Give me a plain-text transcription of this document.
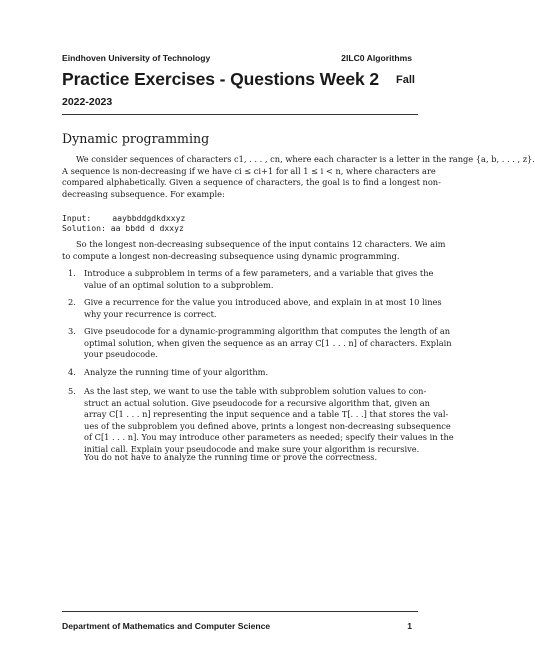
Eindhoven University of Technology	2ILC0 Algorithms
Practice Exercises - Questions Week 2 Fall
2022-2023
Dynamic programming
We consider sequences of characters c1, . . . , cn, where each character is a letter in the range {a, b, . . . , z}.
A sequence is non-decreasing if we have ci ≤ ci+1 for all 1 ≤ i < n, where characters are
compared alphabetically. Given a sequence of characters, the goal is to find a longest non-
decreasing subsequence. For example:
Input:	aaybbddgdkdxxyz
Solution: aa bbdd d dxxyz
So the longest non-decreasing subsequence of the input contains 12 characters. We aim
to compute a longest non-decreasing subsequence using dynamic programming.
1. Introduce a subproblem in terms of a few parameters, and a variable that gives the
value of an optimal solution to a subproblem.
2. Give a recurrence for the value you introduced above, and explain in at most 10 lines
why your recurrence is correct.
3. Give pseudocode for a dynamic-programming algorithm that computes the length of an
optimal solution, when given the sequence as an array C[1 . . . n] of characters. Explain
your pseudocode.
4. Analyze the running time of your algorithm.
5. As the last step, we want to use the table with subproblem solution values to con-
struct an actual solution. Give pseudocode for a recursive algorithm that, given an
array C[1 . . . n] representing the input sequence and a table T[. . .] that stores the val-
ues of the subproblem you defined above, prints a longest non-decreasing subsequence
of C[1 . . . n]. You may introduce other parameters as needed; specify their values in the
initial call. Explain your pseudocode and make sure your algorithm is recursive.
You do not have to analyze the running time or prove the correctness.
Department of Mathematics and Computer Science	1
